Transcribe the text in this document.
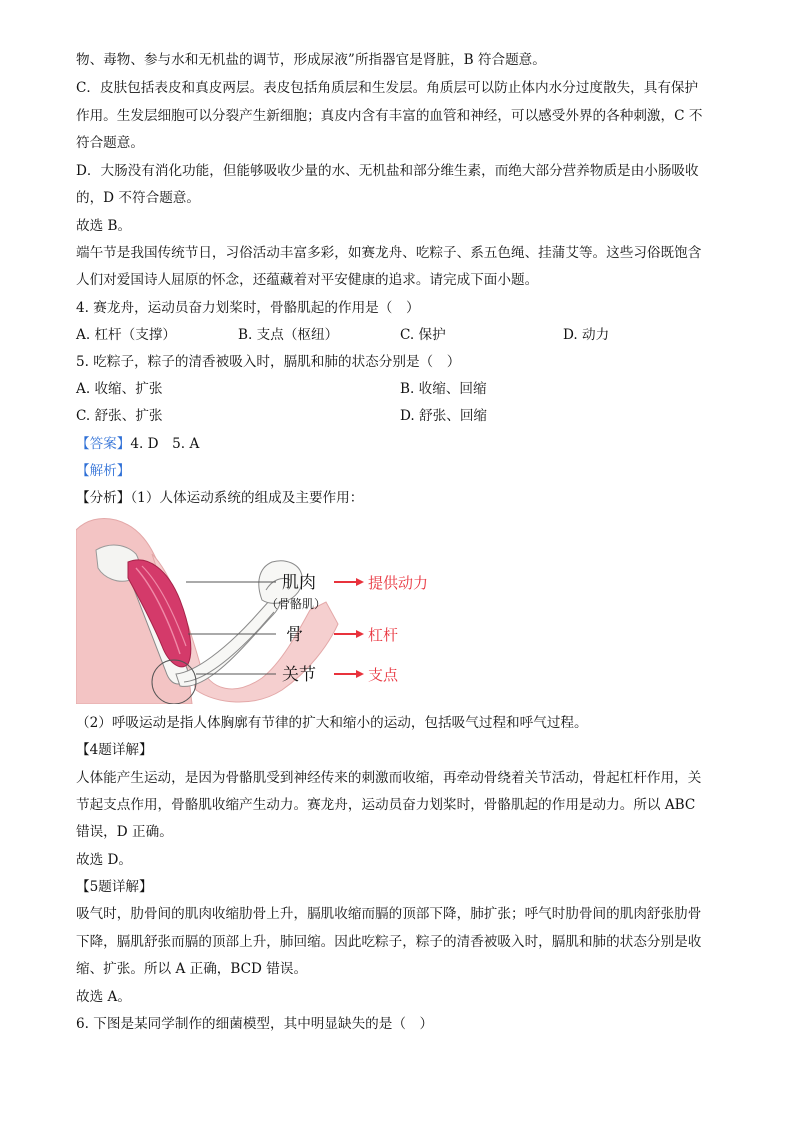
物、毒物、参与水和无机盐的调节，形成尿液”所指器官是肾脏，B 符合题意。
C．皮肤包括表皮和真皮两层。表皮包括角质层和生发层。角质层可以防止体内水分过度散失，具有保护
作用。生发层细胞可以分裂产生新细胞；真皮内含有丰富的血管和神经，可以感受外界的各种刺激，C 不
符合题意。
D．大肠没有消化功能，但能够吸收少量的水、无机盐和部分维生素，而绝大部分营养物质是由小肠吸收
的，D 不符合题意。
故选 B。
端午节是我国传统节日，习俗活动丰富多彩，如赛龙舟、吃粽子、系五色绳、挂蒲艾等。这些习俗既饱含
人们对爱国诗人屈原的怀念，还蕴藏着对平安健康的追求。请完成下面小题。
4. 赛龙舟，运动员奋力划桨时，骨骼肌起的作用是（　）
A. 杠杆（支撑）	B. 支点（枢纽）	C. 保护	D. 动力
5. 吃粽子，粽子的清香被吸入时，膈肌和肺的状态分别是（　）
A. 收缩、扩张	B. 收缩、回缩
C. 舒张、扩张	D. 舒张、回缩
【答案】4. D　5. A
【解析】
【分析】（1）人体运动系统的组成及主要作用：
肌肉
（骨骼肌）
骨
关节
提供动力
杠杆
支点
（2）呼吸运动是指人体胸廓有节律的扩大和缩小的运动，包括吸气过程和呼气过程。
【4题详解】
人体能产生运动，是因为骨骼肌受到神经传来的刺激而收缩，再牵动骨绕着关节活动，骨起杠杆作用，关
节起支点作用，骨骼肌收缩产生动力。赛龙舟，运动员奋力划桨时，骨骼肌起的作用是动力。所以 ABC
错误，D 正确。
故选 D。
【5题详解】
吸气时，肋骨间的肌肉收缩肋骨上升，膈肌收缩而膈的顶部下降，肺扩张；呼气时肋骨间的肌肉舒张肋骨
下降，膈肌舒张而膈的顶部上升，肺回缩。因此吃粽子，粽子的清香被吸入时，膈肌和肺的状态分别是收
缩、扩张。所以 A 正确，BCD 错误。
故选 A。
6. 下图是某同学制作的细菌模型，其中明显缺失的是（　）
